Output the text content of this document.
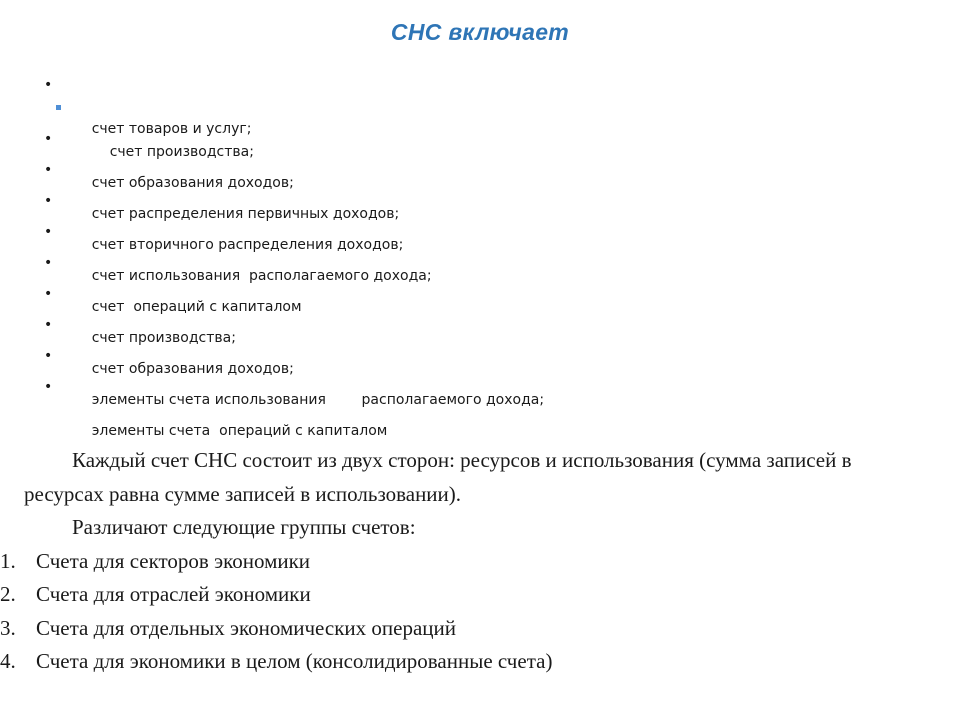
СНС включает

•

счет товаров и услуг;

счет производства;

•

счет образования доходов;

•

счет распределения первичных доходов;

•

счет вторичного распределения доходов;

•

счет использования  располагаемого дохода;

•

счет  операций с капиталом

•

счет производства;

•

счет образования доходов;

•

элементы счета использования        располагаемого дохода;

•

элементы счета  операций с капиталом

Каждый счет СНС состоит из двух сторон: ресурсов и использования (сумма записей в ресурсах равна сумме записей в использовании).

Различают следующие группы счетов:

1. Счета для секторов экономики
2. Счета для отраслей экономики
3. Счета для отдельных экономических операций
4. Счета для экономики в целом (консолидированные счета)
